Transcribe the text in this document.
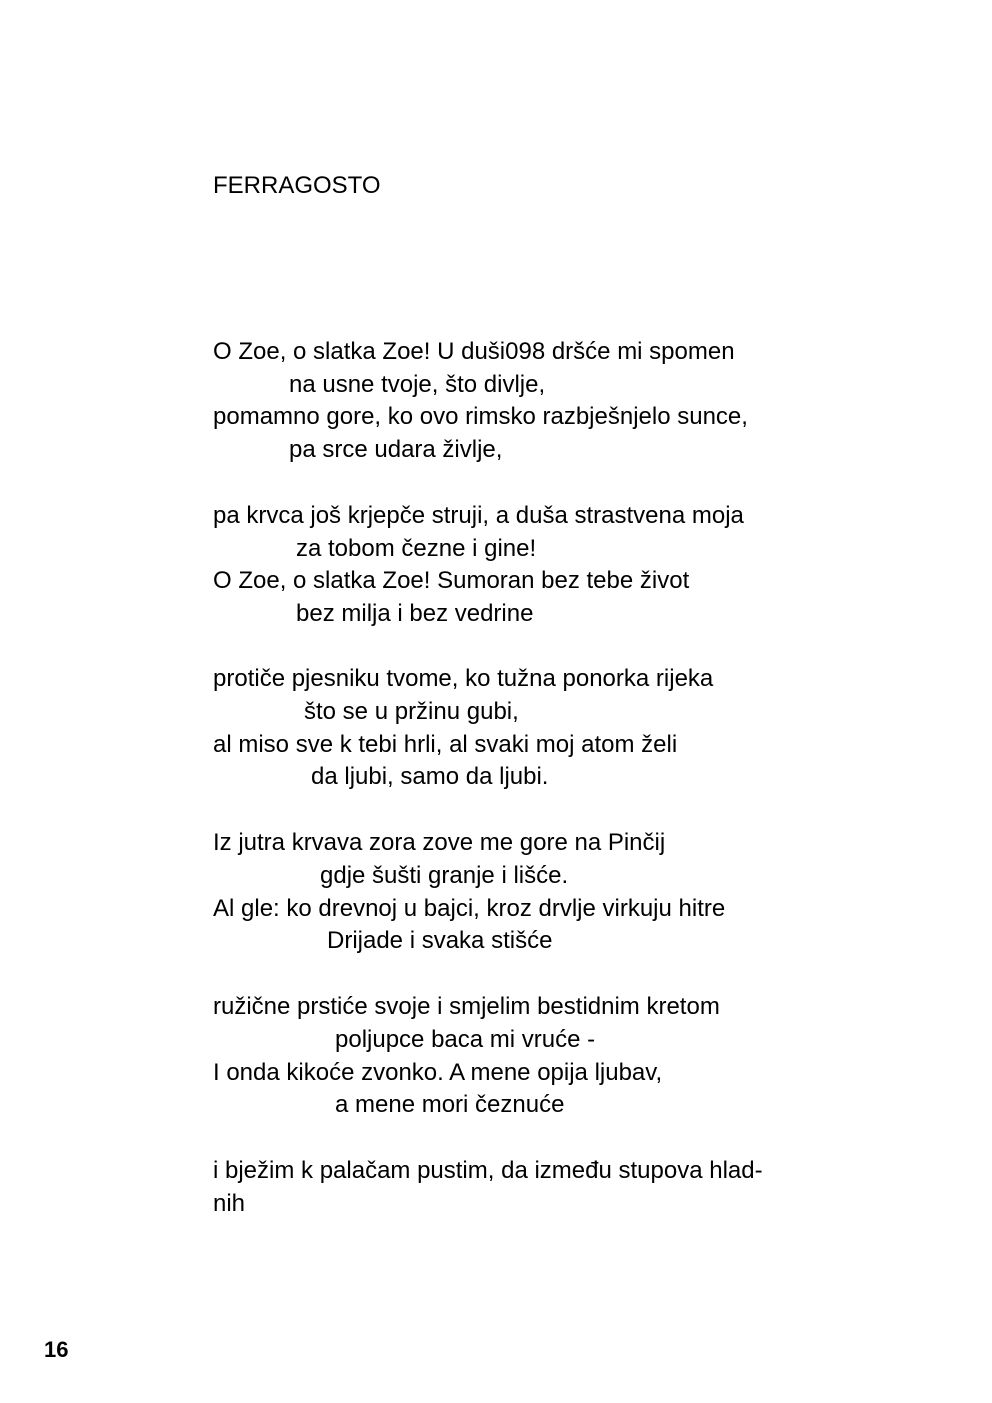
FERRAGOSTO
O Zoe, o slatka Zoe! U duši098 dršće mi spomen
na usne tvoje, što divlje,
pomamno gore, ko ovo rimsko razbješnjelo sunce,
pa srce udara življe,
pa krvca još krjepče struji, a duša strastvena moja
za tobom čezne i gine!
O Zoe, o slatka Zoe! Sumoran bez tebe život
bez milja i bez vedrine
protiče pjesniku tvome, ko tužna ponorka rijeka
što se u pržinu gubi,
al miso sve k tebi hrli, al svaki moj atom želi
da ljubi, samo da ljubi.
Iz jutra krvava zora zove me gore na Pinčij
gdje šušti granje i lišće.
Al gle: ko drevnoj u bajci, kroz drvlje virkuju hitre
Drijade i svaka stišće
ružične prstiće svoje i smjelim bestidnim kretom
poljupce baca mi vruće -
I onda kikoće zvonko. A mene opija ljubav,
a mene mori čeznuće
i bježim k palačam pustim, da između stupova hlad-
nih
16
